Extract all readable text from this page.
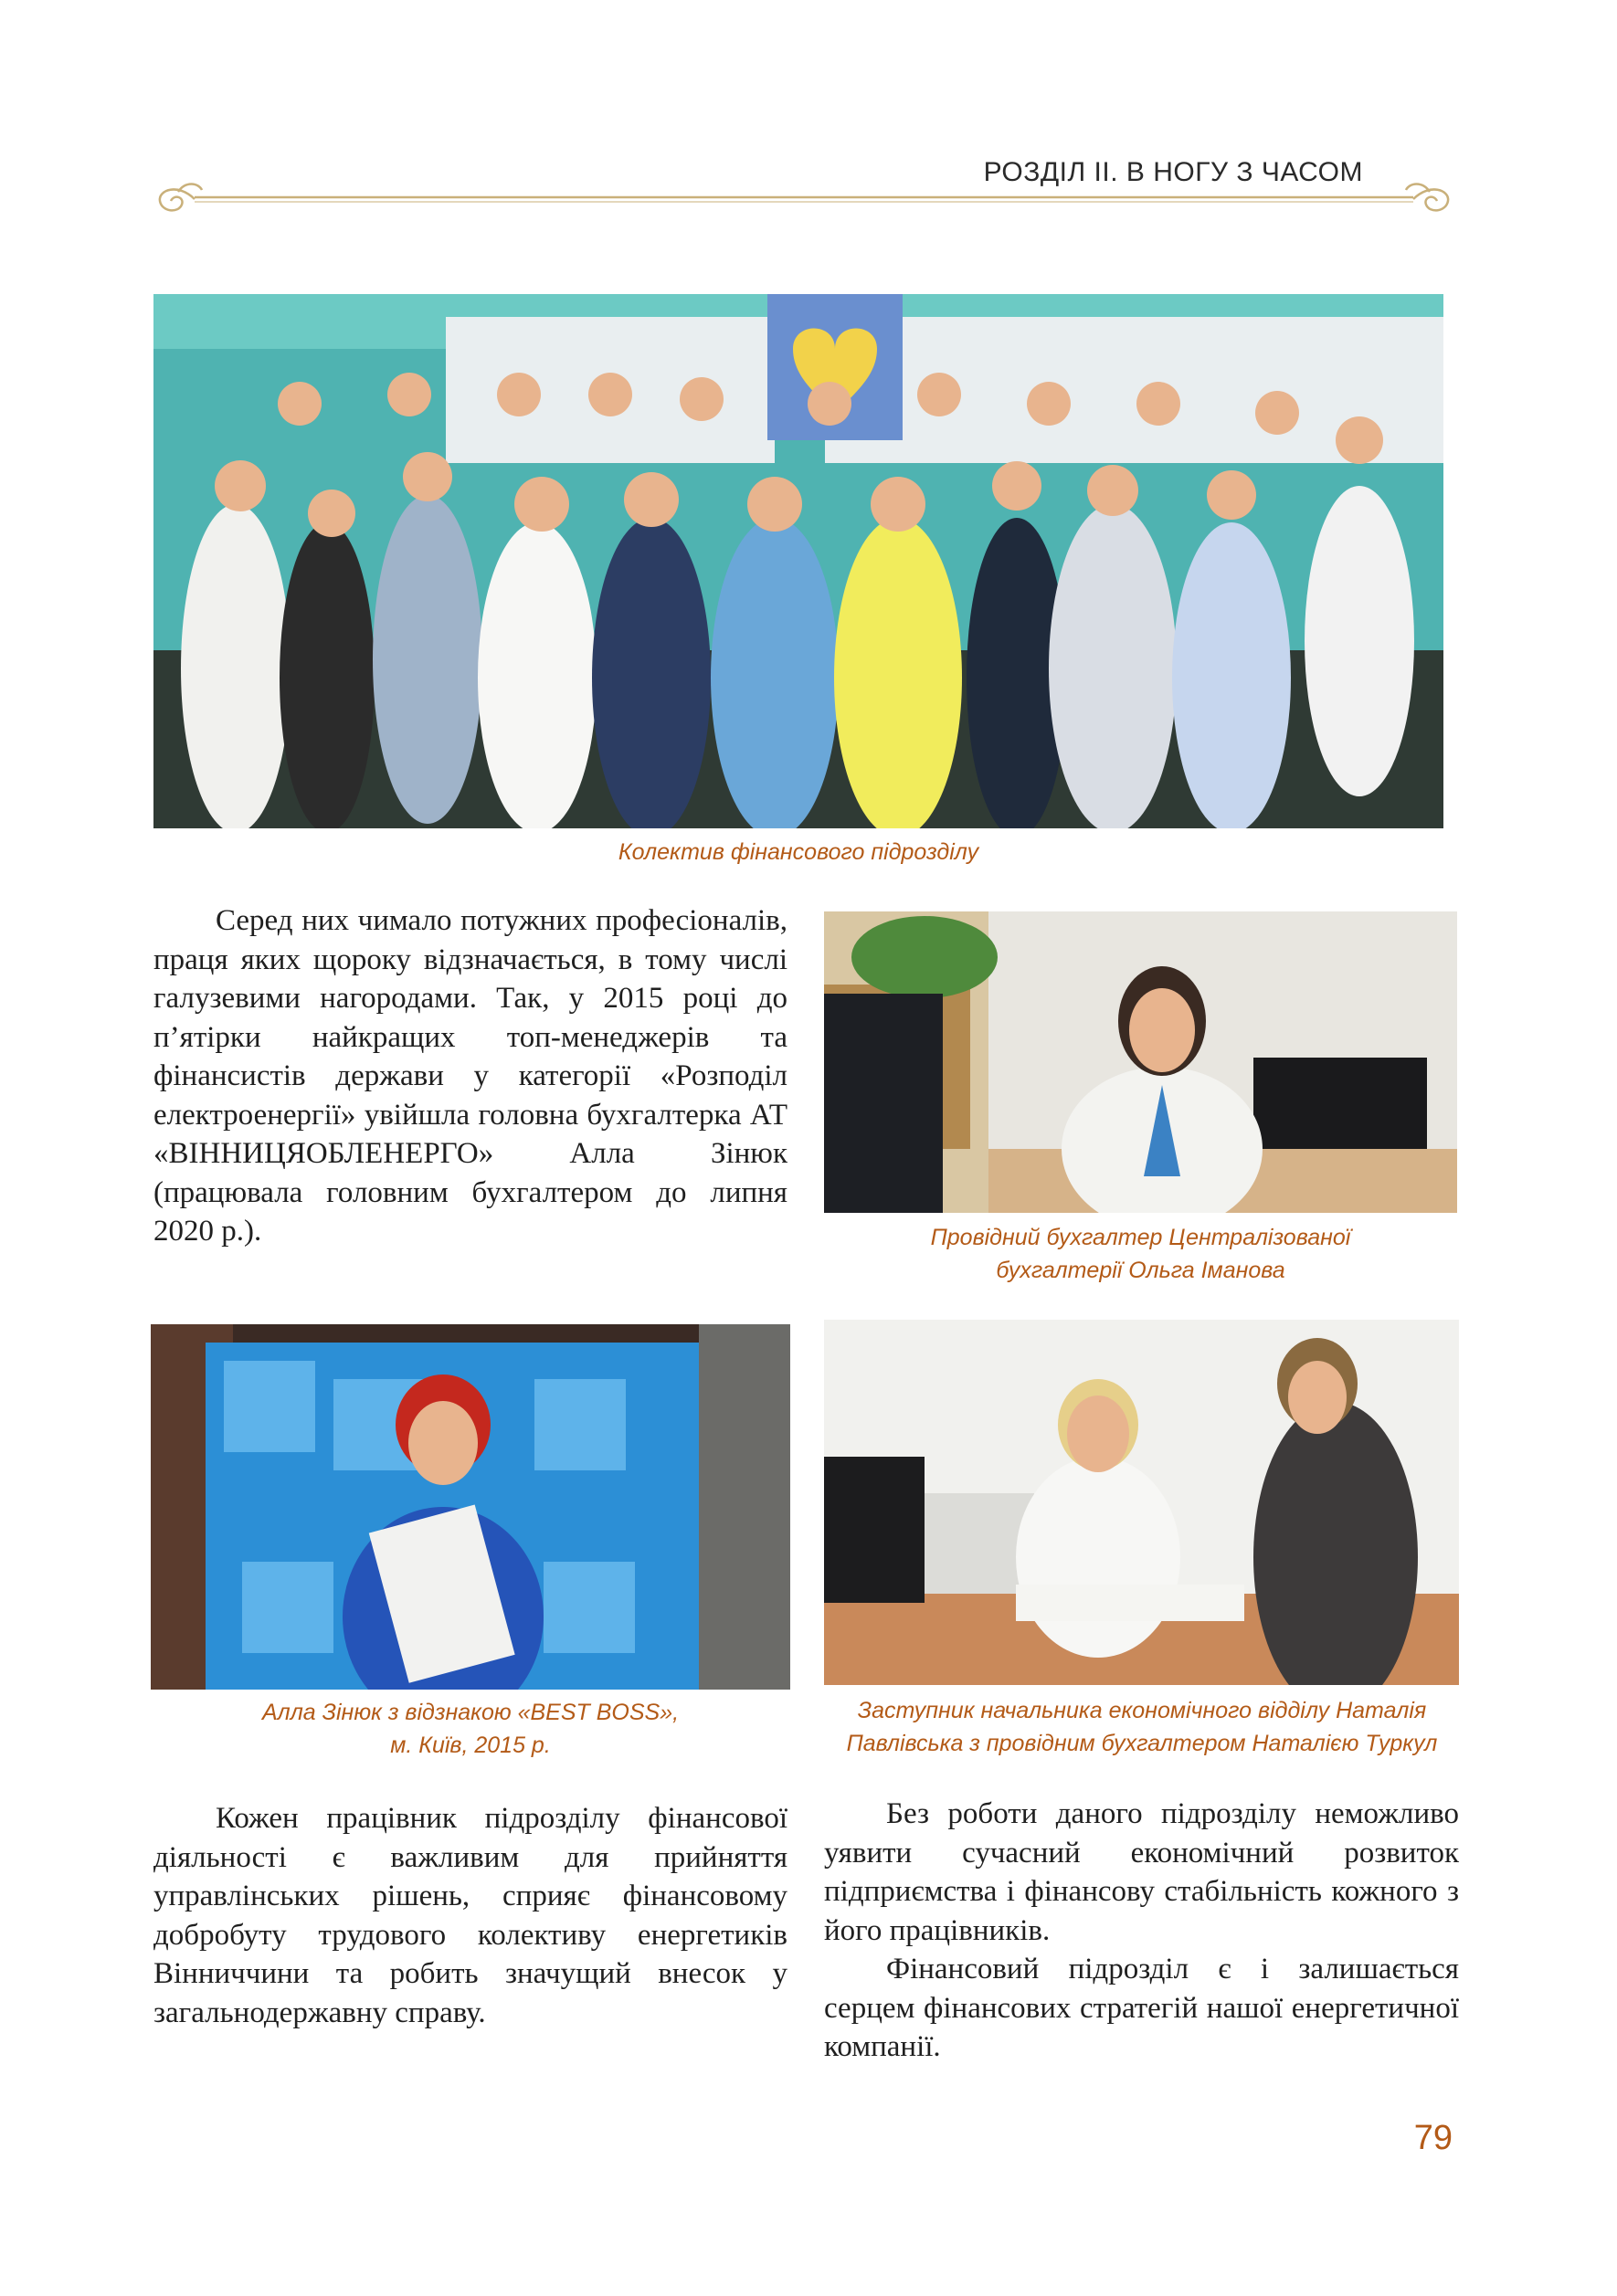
РОЗДІЛ ІІ. В НОГУ З ЧАСОМ
Колектив фінансового підрозділу

Серед них чимало потужних професіоналів, праця яких щороку відзначається, в тому числі галузевими нагородами. Так, у 2015 році до п’ятірки найкращих топ-менеджерів та фінансистів держави у категорії «Розподіл електроенергії» увійшла головна бухгалтерка АТ «ВІННИЦЯОБЛЕНЕРГО» Алла Зінюк (працювала головним бухгалтером до липня 2020 р.).	Провідний бухгалтер Централізованої
бухгалтерії Ольга Іманова
Алла Зінюк з відзнакою «BEST BOSS»,
м. Київ, 2015 р.
Заступник начальника економічного відділу Наталія
Павлівська з провідним бухгалтером Наталією Туркул

Кожен працівник підрозділу фінансової діяльності є важливим для прийняття управлінських рішень, сприяє фінансовому добробуту трудового колективу енергетиків Вінниччини та робить значущий внесок у загальнодержавну справу.

Без роботи даного підрозділу неможливо уявити сучасний економічний розвиток підприємства і фінансову стабільність кожного з його працівників.

Фінансовий підрозділ є і залишається серцем фінансових стратегій нашої енергетичної компанії.

79
